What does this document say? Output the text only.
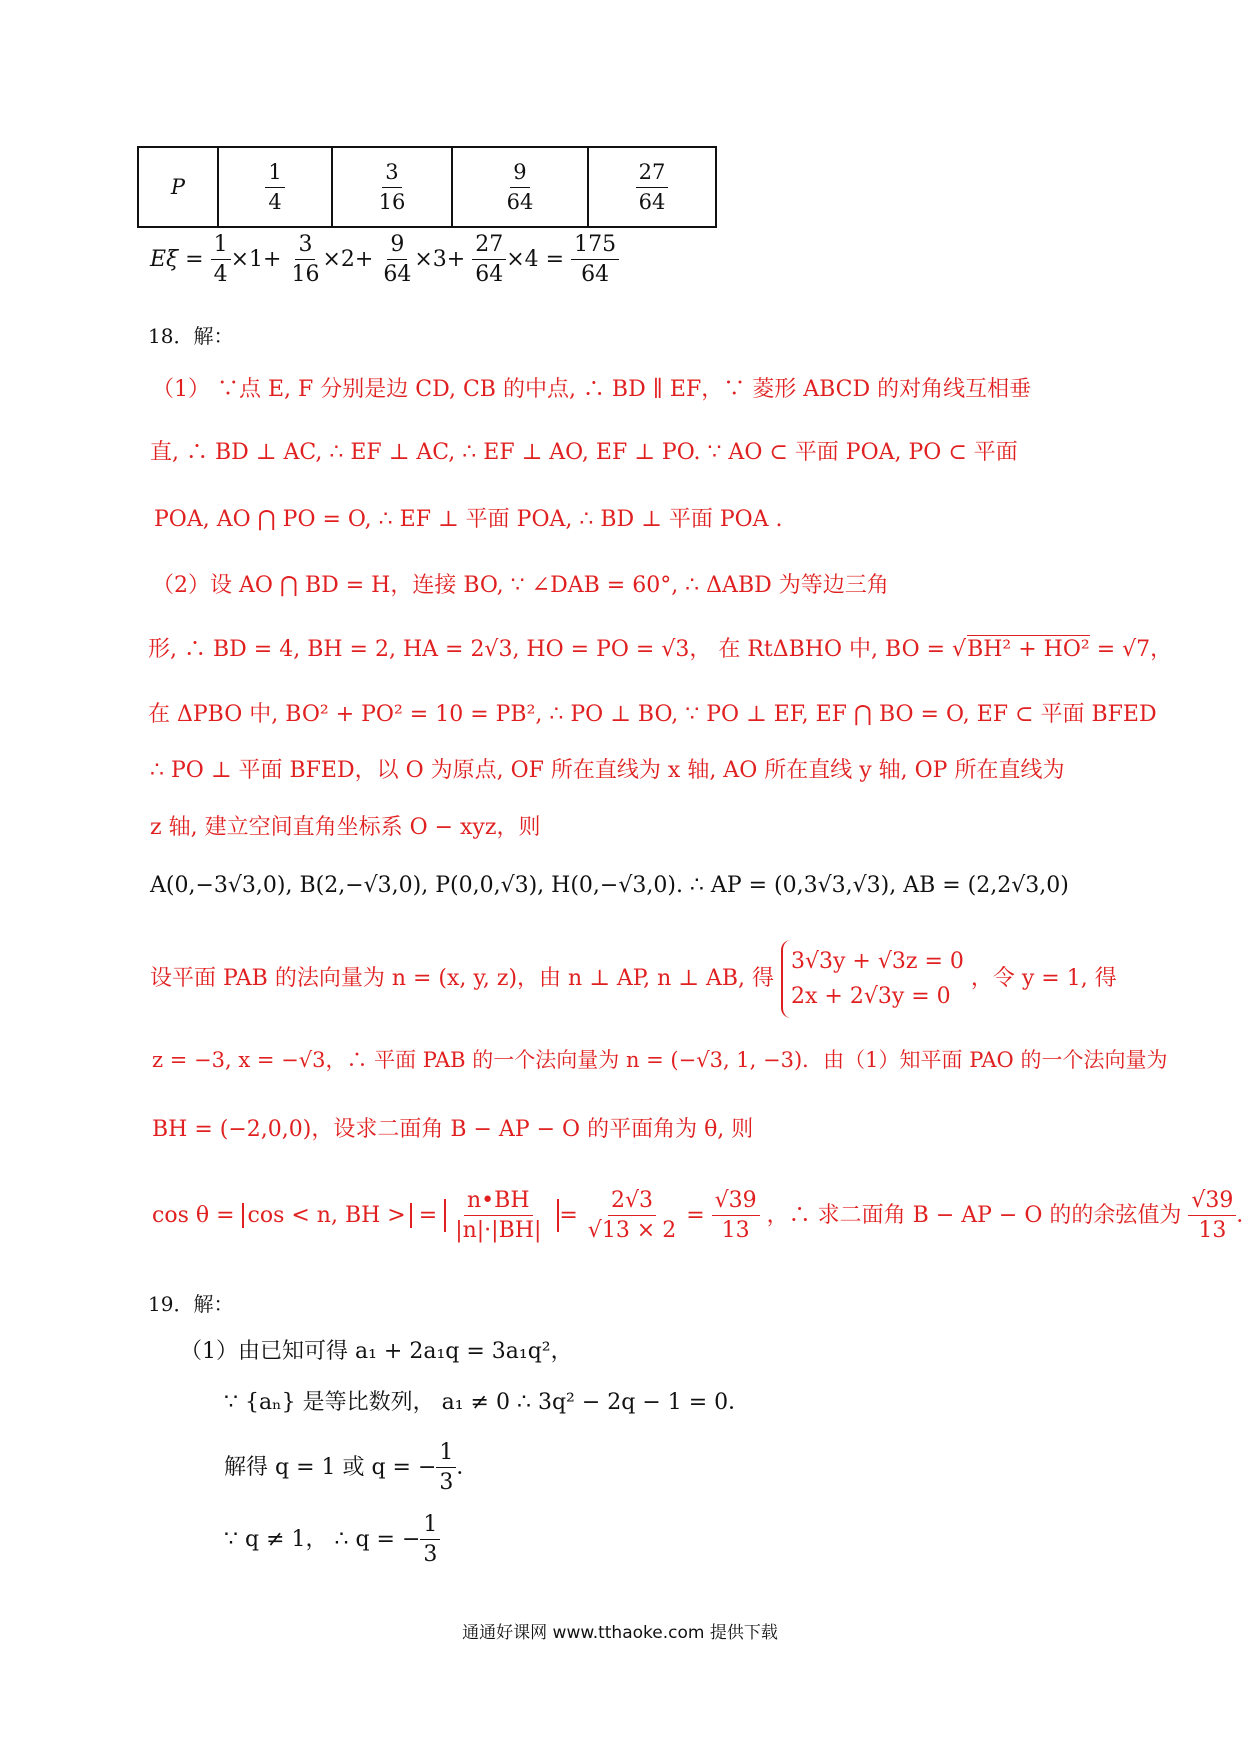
P	$\frac{1}{4}$	$\frac{3}{16}$	$\frac{9}{64}$	$\frac{27}{64}$
$E\xi = \frac{1}{4} \times 1+ \frac{3}{16} \times 2+ \frac{9}{64} \times 3+ \frac{27}{64} \times 4 = \frac{175}{64}$
18．解：
（1） ∵点 E, F 分别是边 CD, CB 的中点, ∴ BD ∥ EF，∵ 菱形 ABCD 的对角线互相垂
直, ∴ BD ⊥ AC, ∴ EF ⊥ AC, ∴ EF ⊥ AO, EF ⊥ PO. ∵ AO ⊂ 平面 POA, PO ⊂ 平面
POA, AO ⋂ PO = O, ∴ EF ⊥ 平面 POA, ∴ BD ⊥ 平面 POA .
（2）设 AO ⋂ BD = H，连接 BO, ∵ ∠DAB = 60°, ∴ ΔABD 为等边三角
形, ∴ BD = 4, BH = 2, HA = 2√3, HO = PO = √3， 在 RtΔBHO 中, BO = √BH² + HO² = √7，
在 ΔPBO 中, BO² + PO² = 10 = PB², ∴ PO ⊥ BO, ∵ PO ⊥ EF, EF ⋂ BO = O, EF ⊂ 平面 BFED
∴ PO ⊥ 平面 BFED，以 O 为原点, OF 所在直线为 x 轴, AO 所在直线 y 轴, OP 所在直线为
z 轴, 建立空间直角坐标系 O − xyz，则
A(0,−3√3,0), B(2,−√3,0), P(0,0,√3), H(0,−√3,0). ∴ AP = (0,3√3,√3), AB = (2,2√3,0)
设平面 PAB 的法向量为 n = (x, y, z)，由 n ⊥ AP, n ⊥ AB, 得
3√3y + √3z = 0
2x + 2√3y = 0
，令 y = 1, 得
z = −3, x = −√3，∴ 平面 PAB 的一个法向量为 n = (−√3, 1, −3)．由（1）知平面 PAO 的一个法向量为
BH = (−2,0,0)，设求二面角 B − AP − O 的平面角为 θ, 则
cos θ = cos < n, BH > = $\frac{n•BH}{|n|\cdot|BH|} = \frac{2√3}{√13 \times 2} = \frac{√39}{13}$ ，∴ 求二面角 B − AP − O 的的余弦值为 $\frac{√39}{13}$ ．
19．解：
（1）由已知可得 a₁ + 2a₁q = 3a₁q²，
∵ {aₙ} 是等比数列， a₁ ≠ 0 ∴ 3q² − 2q − 1 = 0．
解得 q = 1 或 q = − $\frac{1}{3}$ ．
∵ q ≠ 1， ∴ q = − $\frac{1}{3}$
通通好课网 www.tthaoke.com 提供下载
